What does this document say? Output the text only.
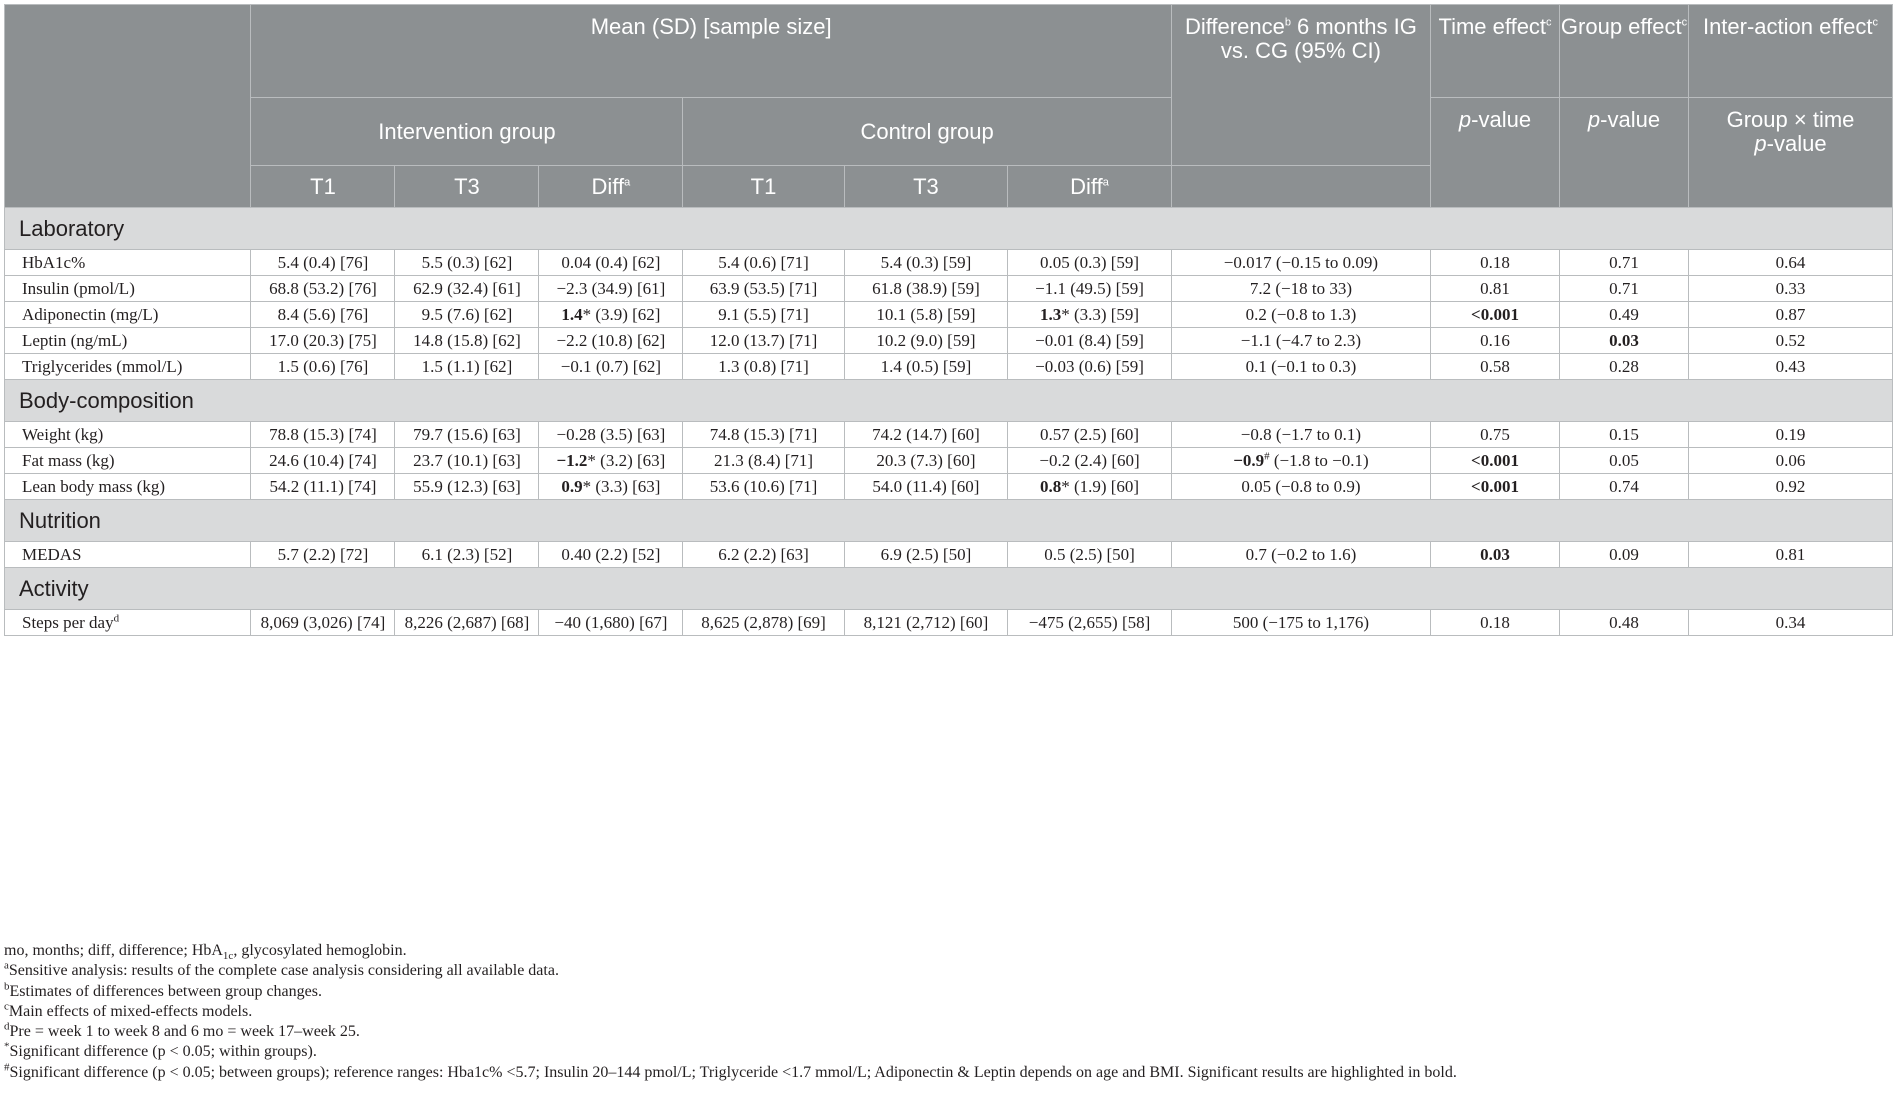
	Mean (SD) [sample size]						Difference$^b$ 6 months IG vs. CG (95% CI)	Time effect$^c$	Group effect$^c$	Inter-action effect$^c$
	Intervention group			Control group				p-value	p-value	Group × time
p-value
	T1	T3	Diff$^a$	T1	T3	Diff$^a$	
Laboratory										
HbA1c%	5.4 (0.4) [76]	5.5 (0.3) [62]	0.04 (0.4) [62]	5.4 (0.6) [71]	5.4 (0.3) [59]	0.05 (0.3) [59]	−0.017 (−0.15 to 0.09)	0.18	0.71	0.64
Insulin (pmol/L)	68.8 (53.2) [76]	62.9 (32.4) [61]	−2.3 (34.9) [61]	63.9 (53.5) [71]	61.8 (38.9) [59]	−1.1 (49.5) [59]	7.2 (−18 to 33)	0.81	0.71	0.33
Adiponectin (mg/L)	8.4 (5.6) [76]	9.5 (7.6) [62]	1.4* (3.9) [62]	9.1 (5.5) [71]	10.1 (5.8) [59]	1.3* (3.3) [59]	0.2 (−0.8 to 1.3)	<0.001	0.49	0.87
Leptin (ng/mL)	17.0 (20.3) [75]	14.8 (15.8) [62]	−2.2 (10.8) [62]	12.0 (13.7) [71]	10.2 (9.0) [59]	−0.01 (8.4) [59]	−1.1 (−4.7 to 2.3)	0.16	0.03	0.52
Triglycerides (mmol/L)	1.5 (0.6) [76]	1.5 (1.1) [62]	−0.1 (0.7) [62]	1.3 (0.8) [71]	1.4 (0.5) [59]	−0.03 (0.6) [59]	0.1 (−0.1 to 0.3)	0.58	0.28	0.43
Body-composition										
Weight (kg)	78.8 (15.3) [74]	79.7 (15.6) [63]	−0.28 (3.5) [63]	74.8 (15.3) [71]	74.2 (14.7) [60]	0.57 (2.5) [60]	−0.8 (−1.7 to 0.1)	0.75	0.15	0.19
Fat mass (kg)	24.6 (10.4) [74]	23.7 (10.1) [63]	−1.2* (3.2) [63]	21.3 (8.4) [71]	20.3 (7.3) [60]	−0.2 (2.4) [60]	−0.9# (−1.8 to −0.1)	<0.001	0.05	0.06
Lean body mass (kg)	54.2 (11.1) [74]	55.9 (12.3) [63]	0.9* (3.3) [63]	53.6 (10.6) [71]	54.0 (11.4) [60]	0.8* (1.9) [60]	0.05 (−0.8 to 0.9)	<0.001	0.74	0.92
Nutrition										
MEDAS	5.7 (2.2) [72]	6.1 (2.3) [52]	0.40 (2.2) [52]	6.2 (2.2) [63]	6.9 (2.5) [50]	0.5 (2.5) [50]	0.7 (−0.2 to 1.6)	0.03	0.09	0.81
Activity										
Steps per day$^d$	8,069 (3,026) [74]	8,226 (2,687) [68]	−40 (1,680) [67]	8,625 (2,878) [69]	8,121 (2,712) [60]	−475 (2,655) [58]	500 (−175 to 1,176)	0.18	0.48	0.34
mo, months; diff, difference; HbA$_{1c}$, glycosylated hemoglobin.
$^a$Sensitive analysis: results of the complete case analysis considering all available data.
$^b$Estimates of differences between group changes.
$^c$Main effects of mixed-effects models.
$^d$Pre = week 1 to week 8 and 6 mo = week 17–week 25.
*Significant difference (p < 0.05; within groups).
#Significant difference (p < 0.05; between groups); reference ranges: Hba1c% <5.7; Insulin 20–144 pmol/L; Triglyceride <1.7 mmol/L; Adiponectin & Leptin depends on age and BMI. Significant results are highlighted in bold.
